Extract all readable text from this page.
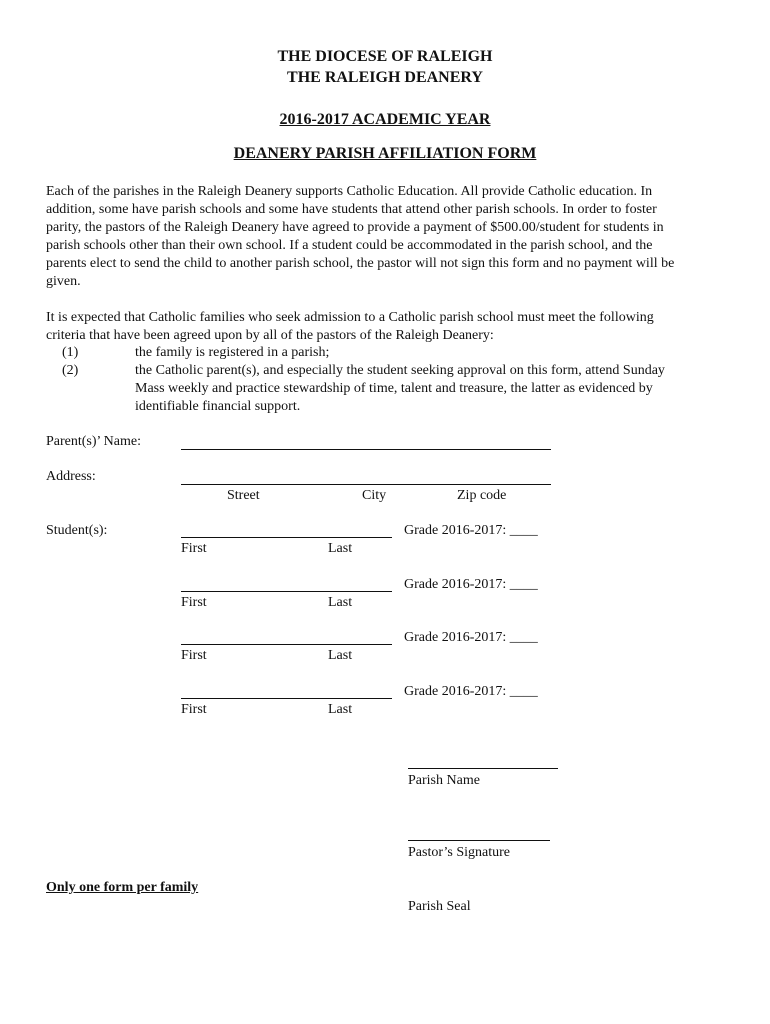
THE DIOCESE OF RALEIGH
THE RALEIGH DEANERY
2016-2017 ACADEMIC YEAR
DEANERY PARISH AFFILIATION FORM
Each of the parishes in the Raleigh Deanery supports Catholic Education. All provide Catholic education. In
addition, some have parish schools and some have students that attend other parish schools. In order to foster
parity, the pastors of the Raleigh Deanery have agreed to provide a payment of $500.00/student for students in
parish schools other than their own school. If a student could be accommodated in the parish school, and the
parents elect to send the child to another parish school, the pastor will not sign this form and no payment will be
given.
It is expected that Catholic families who seek admission to a Catholic parish school must meet the following
criteria that have been agreed upon by all of the pastors of the Raleigh Deanery:
(1)	the family is registered in a parish;
(2)	the Catholic parent(s), and especially the student seeking approval on this form, attend Sunday
Mass weekly and practice stewardship of time, talent and treasure, the latter as evidenced by
identifiable financial support.
Parent(s)’ Name:
Address:
Street	City	Zip code
Student(s):	Grade 2016-2017: ____
First	Last
Grade 2016-2017: ____
First	Last
Grade 2016-2017: ____
First	Last
Grade 2016-2017: ____
First	Last
Parish Name
Pastor’s Signature
Only one form per family
Parish Seal
